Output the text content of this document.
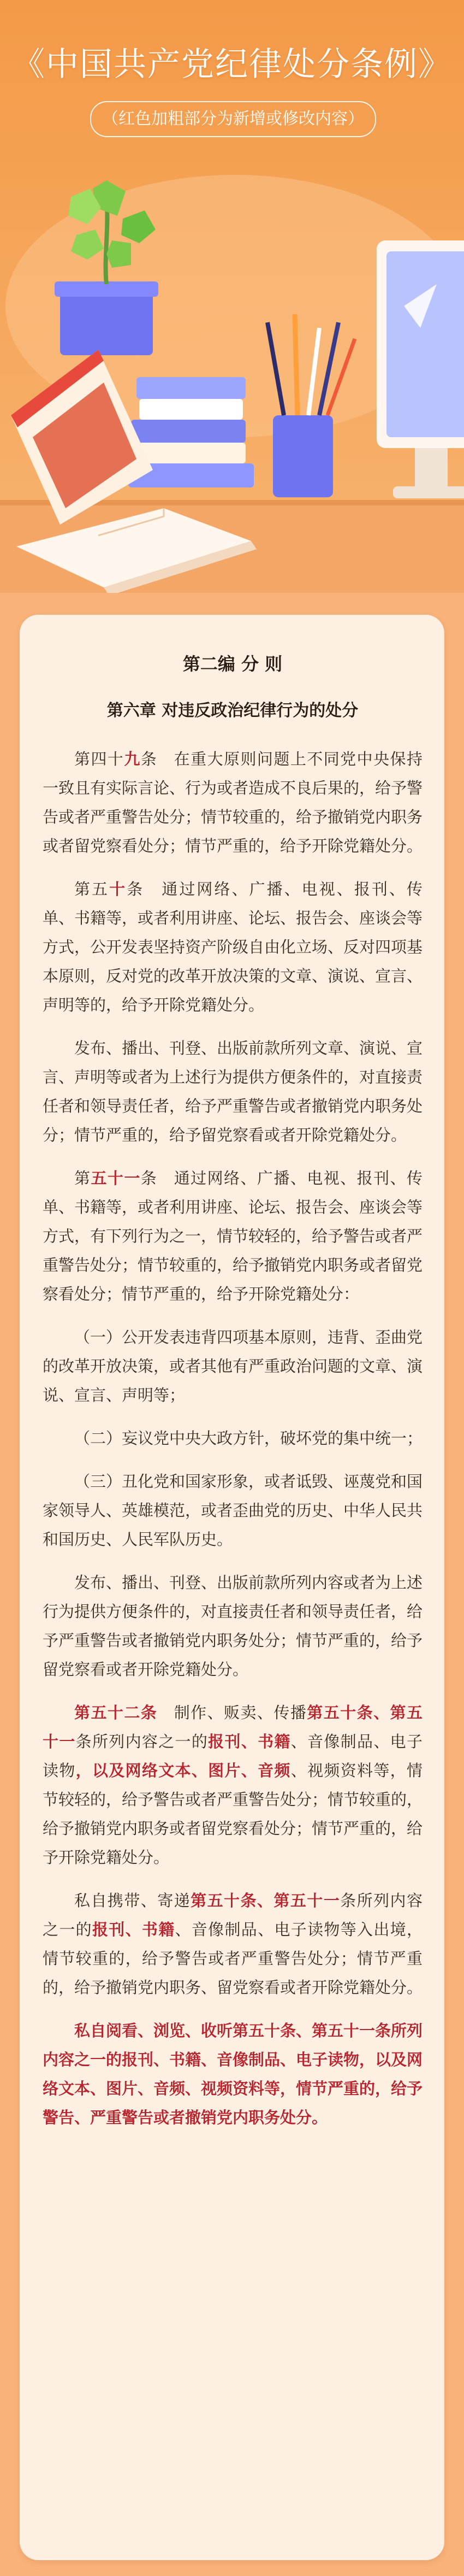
《中国共产党纪律处分条例》
（红色加粗部分为新增或修改内容）
第二编 分 则
第六章 对违反政治纪律行为的处分

第四十九条　在重大原则问题上不同党中央保持一致且有实际言论、行为或者造成不良后果的，给予警告或者严重警告处分；情节较重的，给予撤销党内职务或者留党察看处分；情节严重的，给予开除党籍处分。

第五十条　通过网络、广播、电视、报刊、传单、书籍等，或者利用讲座、论坛、报告会、座谈会等方式，公开发表坚持资产阶级自由化立场、反对四项基本原则，反对党的改革开放决策的文章、演说、宣言、声明等的，给予开除党籍处分。

发布、播出、刊登、出版前款所列文章、演说、宣言、声明等或者为上述行为提供方便条件的，对直接责任者和领导责任者，给予严重警告或者撤销党内职务处分；情节严重的，给予留党察看或者开除党籍处分。

第五十一条　通过网络、广播、电视、报刊、传单、书籍等，或者利用讲座、论坛、报告会、座谈会等方式，有下列行为之一，情节较轻的，给予警告或者严重警告处分；情节较重的，给予撤销党内职务或者留党察看处分；情节严重的，给予开除党籍处分：

（一）公开发表违背四项基本原则，违背、歪曲党的改革开放决策，或者其他有严重政治问题的文章、演说、宣言、声明等；

（二）妄议党中央大政方针，破坏党的集中统一；

（三）丑化党和国家形象，或者诋毁、诬蔑党和国家领导人、英雄模范，或者歪曲党的历史、中华人民共和国历史、人民军队历史。

发布、播出、刊登、出版前款所列内容或者为上述行为提供方便条件的，对直接责任者和领导责任者，给予严重警告或者撤销党内职务处分；情节严重的，给予留党察看或者开除党籍处分。

第五十二条　制作、贩卖、传播第五十条、第五十一条所列内容之一的报刊、书籍、音像制品、电子读物，以及网络文本、图片、音频、视频资料等，情节较轻的，给予警告或者严重警告处分；情节较重的，给予撤销党内职务或者留党察看处分；情节严重的，给予开除党籍处分。

私自携带、寄递第五十条、第五十一条所列内容之一的报刊、书籍、音像制品、电子读物等入出境，情节较重的，给予警告或者严重警告处分；情节严重的，给予撤销党内职务、留党察看或者开除党籍处分。

私自阅看、浏览、收听第五十条、第五十一条所列内容之一的报刊、书籍、音像制品、电子读物，以及网络文本、图片、音频、视频资料等，情节严重的，给予警告、严重警告或者撤销党内职务处分。
